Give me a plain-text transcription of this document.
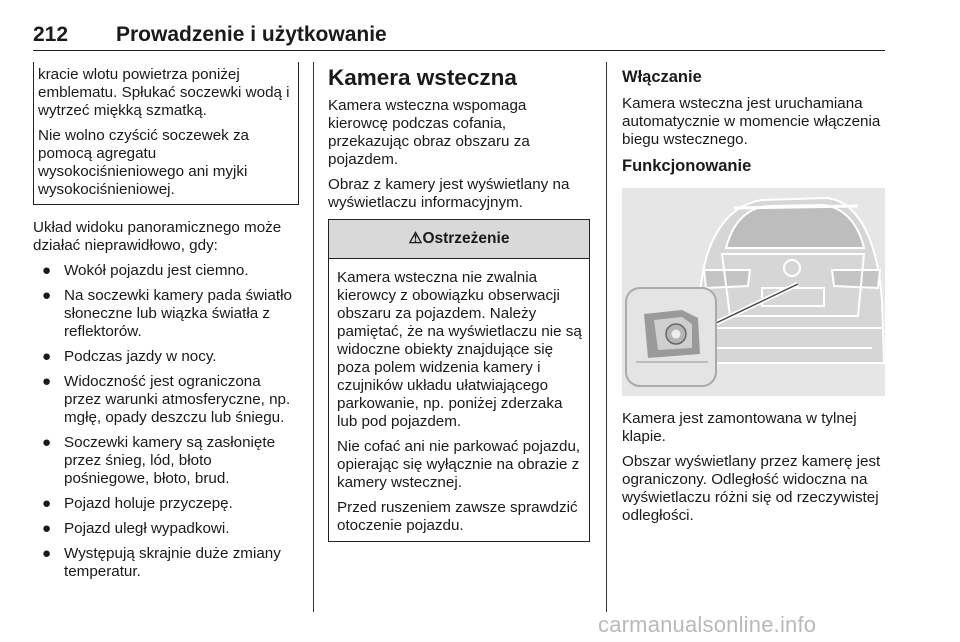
212 Prowadzenie i użytkowanie

kracie wlotu powietrza poniżej emblematu. Spłukać soczewki wodą i wytrzeć miękką szmatką.

Nie wolno czyścić soczewek za pomocą agregatu wysokociśnieniowego ani myjki wysokociśnieniowej.

Układ widoku panoramicznego może działać nieprawidłowo, gdy:

● Wokół pojazdu jest ciemno.
● Na soczewki kamery pada światło słoneczne lub wiązka światła z reflektorów.
● Podczas jazdy w nocy.
● Widoczność jest ograniczona przez warunki atmosferyczne, np. mgłę, opady deszczu lub śniegu.
● Soczewki kamery są zasłonięte przez śnieg, lód, błoto pośniegowe, błoto, brud.
● Pojazd holuje przyczepę.
● Pojazd uległ wypadkowi.
● Występują skrajnie duże zmiany temperatur.
Kamera wsteczna

Kamera wsteczna wspomaga kierowcę podczas cofania, przekazując obraz obszaru za pojazdem.

Obraz z kamery jest wyświetlany na wyświetlaczu informacyjnym.

⚠Ostrzeżenie

Kamera wsteczna nie zwalnia kierowcy z obowiązku obserwacji obszaru za pojazdem. Należy pamiętać, że na wyświetlaczu nie są widoczne obiekty znajdujące się poza polem widzenia kamery i czujników układu ułatwiającego parkowanie, np. poniżej zderzaka lub pod pojazdem.

Nie cofać ani nie parkować pojazdu, opierając się wyłącznie na obrazie z kamery wstecznej.

Przed ruszeniem zawsze sprawdzić otoczenie pojazdu.

Włączanie

Kamera wsteczna jest uruchamiana automatycznie w momencie włączenia biegu wstecznego.

Funkcjonowanie

Kamera jest zamontowana w tylnej klapie.

Obszar wyświetlany przez kamerę jest ograniczony. Odległość widoczna na wyświetlaczu różni się od rzeczywistej odległości.

carmanualsonline.info
